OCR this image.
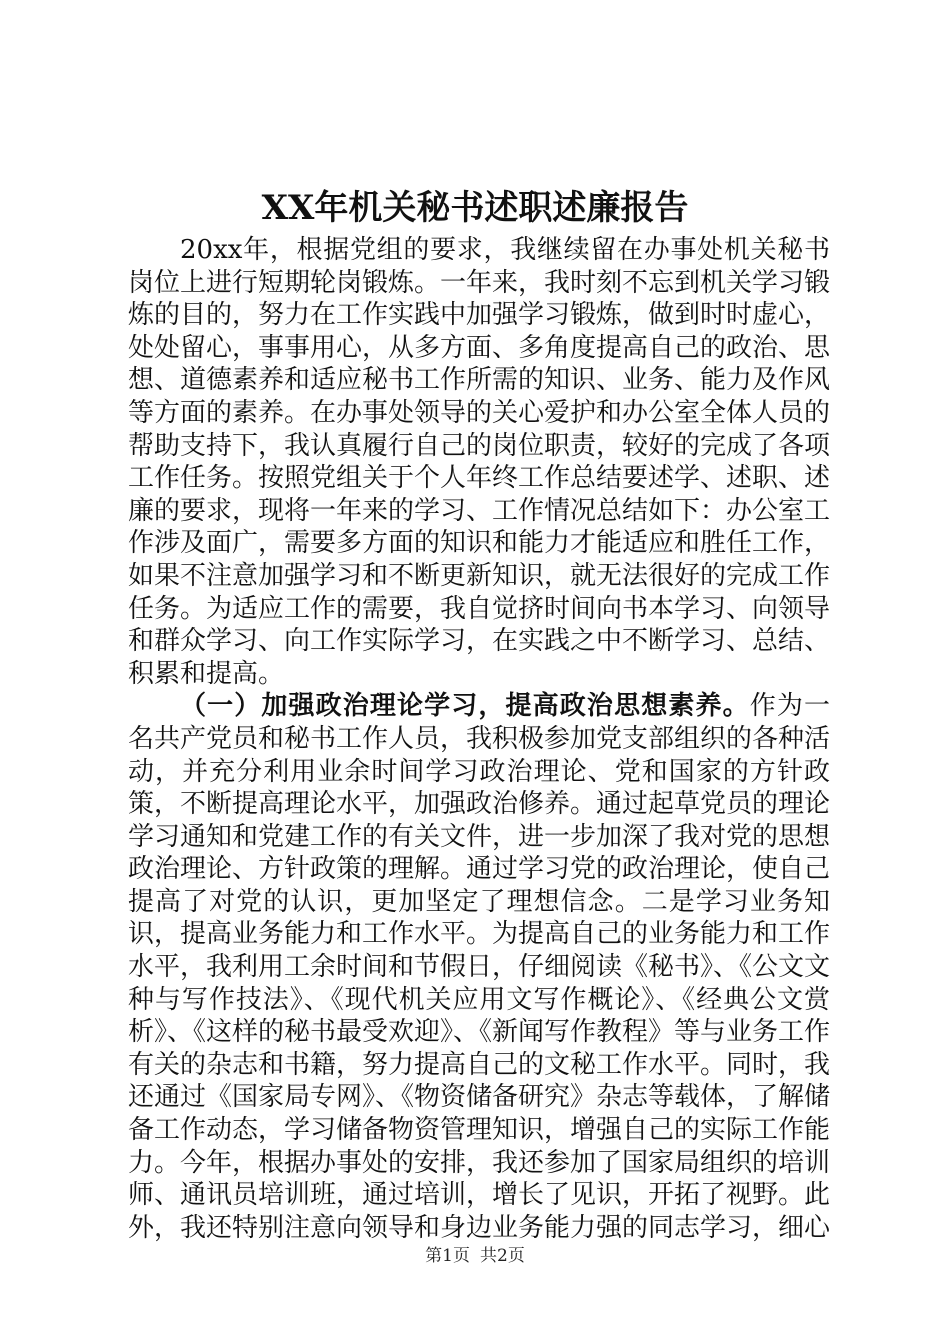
XX年机关秘书述职述廉报告

20xx年，根据党组的要求，我继续留在办事处机关秘书岗位上进行短期轮岗锻炼。一年来，我时刻不忘到机关学习锻炼的目的，努力在工作实践中加强学习锻炼，做到时时虚心，处处留心，事事用心，从多方面、多角度提高自己的政治、思想、道德素养和适应秘书工作所需的知识、业务、能力及作风等方面的素养。在办事处领导的关心爱护和办公室全体人员的帮助支持下，我认真履行自己的岗位职责，较好的完成了各项工作任务。按照党组关于个人年终工作总结要述学、述职、述廉的要求，现将一年来的学习、工作情况总结如下：办公室工作涉及面广，需要多方面的知识和能力才能适应和胜任工作，如果不注意加强学习和不断更新知识，就无法很好的完成工作任务。为适应工作的需要，我自觉挤时间向书本学习、向领导和群众学习、向工作实际学习，在实践之中不断学习、总结、积累和提高。

（一）加强政治理论学习，提高政治思想素养。作为一名共产党员和秘书工作人员，我积极参加党支部组织的各种活动，并充分利用业余时间学习政治理论、党和国家的方针政策，不断提高理论水平，加强政治修养。通过起草党员的理论学习通知和党建工作的有关文件，进一步加深了我对党的思想政治理论、方针政策的理解。通过学习党的政治理论，使自己提高了对党的认识，更加坚定了理想信念。二是学习业务知识，提高业务能力和工作水平。为提高自己的业务能力和工作水平，我利用工余时间和节假日，仔细阅读《秘书》、《公文文种与写作技法》、《现代机关应用文写作概论》、《经典公文赏析》、《这样的秘书最受欢迎》、《新闻写作教程》等与业务工作有关的杂志和书籍，努力提高自己的文秘工作水平。同时，我还通过《国家局专网》、《物资储备研究》杂志等载体，了解储备工作动态，学习储备物资管理知识，增强自己的实际工作能力。今年，根据办事处的安排，我还参加了国家局组织的培训师、通讯员培训班，通过培训，增长了见识，开拓了视野。此外，我还特别注意向领导和身边业务能力强的同志学习，细心

第1页 共2页
